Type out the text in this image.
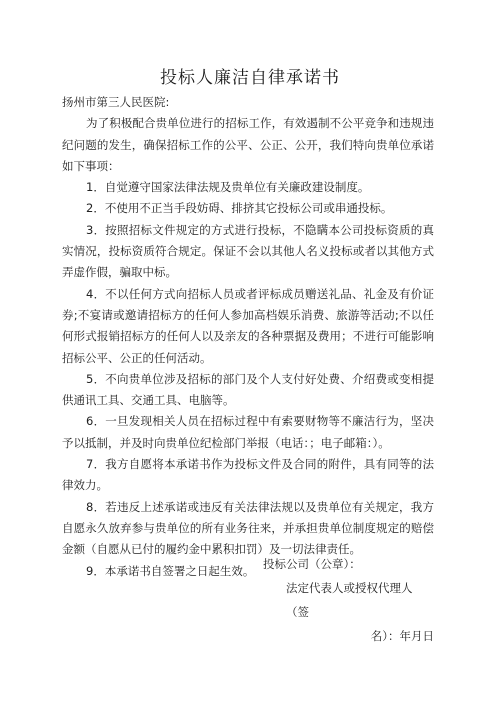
投标人廉洁自律承诺书

扬州市第三人民医院:

为了积极配合贵单位进行的招标工作，有效遏制不公平竞争和违规违纪问题的发生，确保招标工作的公平、公正、公开，我们特向贵单位承诺如下事项：

1．自觉遵守国家法律法规及贵单位有关廉政建设制度。

2．不使用不正当手段妨碍、排挤其它投标公司或串通投标。

3．按照招标文件规定的方式进行投标，不隐瞒本公司投标资质的真实情况，投标资质符合规定。保证不会以其他人名义投标或者以其他方式弄虚作假，骗取中标。

4．不以任何方式向招标人员或者评标成员赠送礼品、礼金及有价证券;不宴请或邀请招标方的任何人参加高档娱乐消费、旅游等活动;不以任何形式报销招标方的任何人以及亲友的各种票据及费用；不进行可能影响招标公平、公正的任何活动。

5．不向贵单位涉及招标的部门及个人支付好处费、介绍费或变相提供通讯工具、交通工具、电脑等。

6．一旦发现相关人员在招标过程中有索要财物等不廉洁行为，坚决予以抵制，并及时向贵单位纪检部门举报（电话：；电子邮箱：）。

7．我方自愿将本承诺书作为投标文件及合同的附件，具有同等的法律效力。

8．若违反上述承诺或违反有关法律法规以及贵单位有关规定，我方自愿永久放弃参与贵单位的所有业务往来，并承担贵单位制度规定的赔偿金额（自愿从已付的履约金中累积扣罚）及一切法律责任。

9．本承诺书自签署之日起生效。 投标公司（公章）：

法定代表人或授权代理人（签

名）：年月日
